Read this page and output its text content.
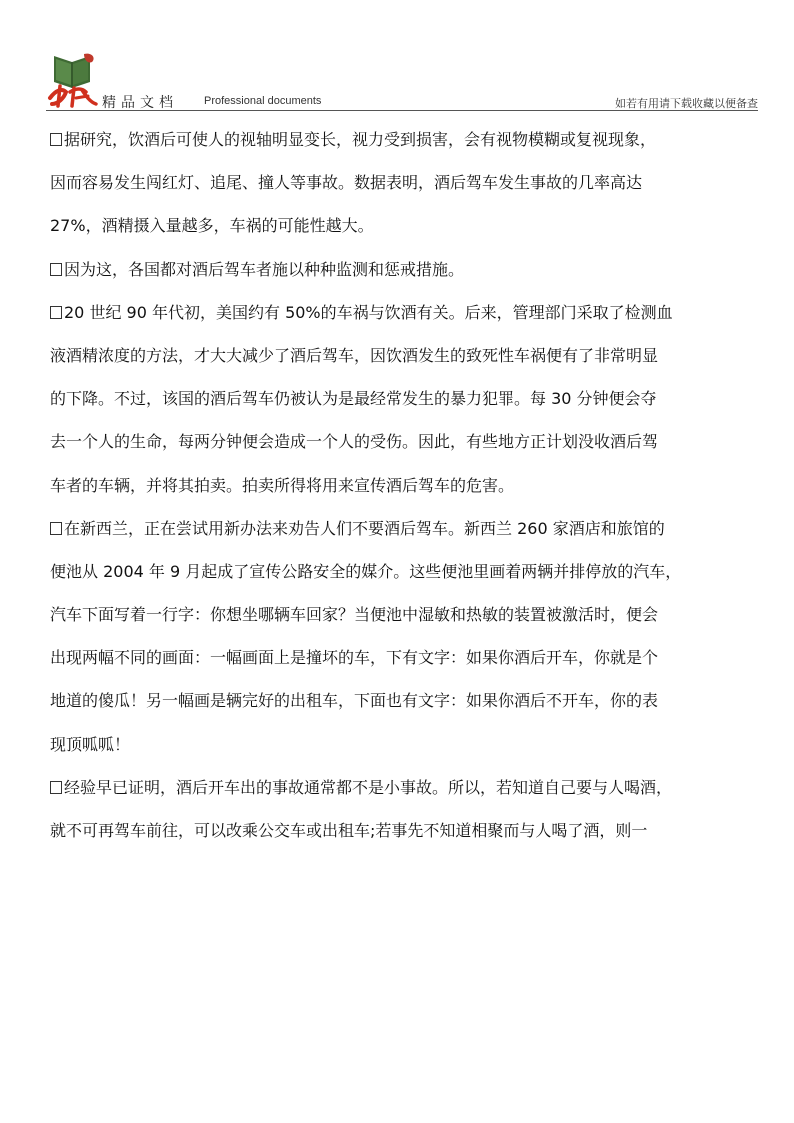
精品文档 Professional documents	如若有用请下载收藏以便备查
据研究，饮酒后可使人的视轴明显变长，视力受到损害，会有视物模糊或复视现象，
因而容易发生闯红灯、追尾、撞人等事故。数据表明，酒后驾车发生事故的几率高达
27%，酒精摄入量越多，车祸的可能性越大。
因为这，各国都对酒后驾车者施以种种监测和惩戒措施。
20 世纪 90 年代初，美国约有 50%的车祸与饮酒有关。后来，管理部门采取了检测血
液酒精浓度的方法，才大大减少了酒后驾车，因饮酒发生的致死性车祸便有了非常明显
的下降。不过，该国的酒后驾车仍被认为是最经常发生的暴力犯罪。每 30 分钟便会夺
去一个人的生命，每两分钟便会造成一个人的受伤。因此，有些地方正计划没收酒后驾
车者的车辆，并将其拍卖。拍卖所得将用来宣传酒后驾车的危害。
在新西兰，正在尝试用新办法来劝告人们不要酒后驾车。新西兰 260 家酒店和旅馆的
便池从 2004 年 9 月起成了宣传公路安全的媒介。这些便池里画着两辆并排停放的汽车，
汽车下面写着一行字：你想坐哪辆车回家？当便池中湿敏和热敏的装置被激活时，便会
出现两幅不同的画面：一幅画面上是撞坏的车，下有文字：如果你酒后开车，你就是个
地道的傻瓜！另一幅画是辆完好的出租车，下面也有文字：如果你酒后不开车，你的表
现顶呱呱！
经验早已证明，酒后开车出的事故通常都不是小事故。所以，若知道自己要与人喝酒，
就不可再驾车前往，可以改乘公交车或出租车;若事先不知道相聚而与人喝了酒，则一
